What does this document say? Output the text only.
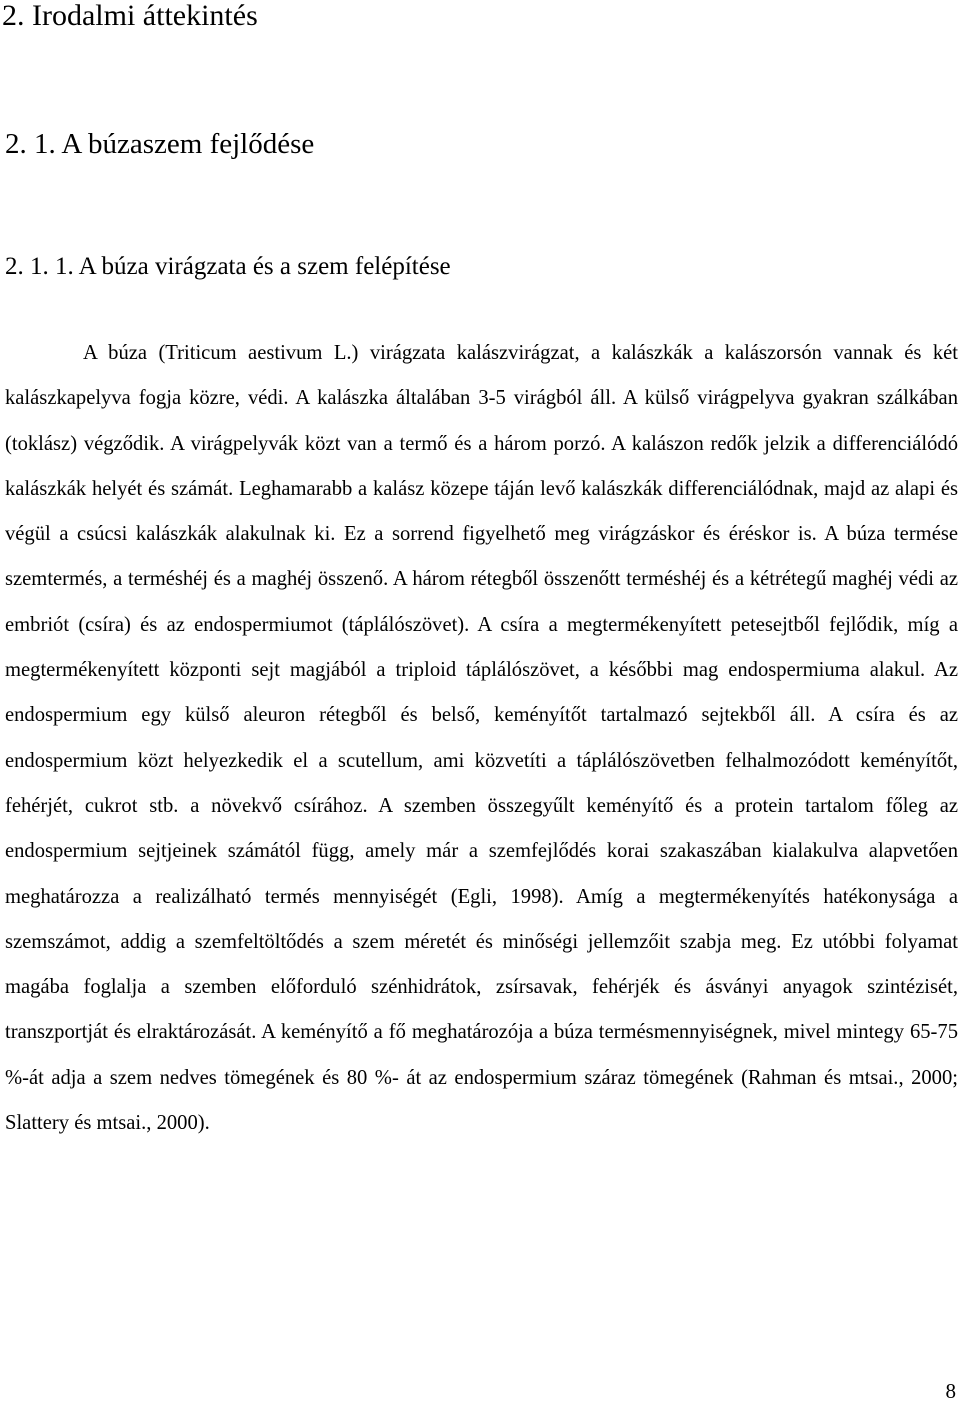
2. Irodalmi áttekintés
2. 1. A búzaszem fejlődése
2. 1. 1. A búza virágzata és a szem felépítése

A búza (Triticum aestivum L.) virágzata kalászvirágzat, a kalászkák a kalászorsón vannak és két kalászkapelyva fogja közre, védi. A kalászka általában 3-5 virágból áll. A külső virágpelyva gyakran szálkában (toklász) végződik. A virágpelyvák közt van a termő és a három porzó. A kalászon redők jelzik a differenciálódó kalászkák helyét és számát. Leghamarabb a kalász közepe táján levő kalászkák differenciálódnak, majd az alapi és végül a csúcsi kalászkák alakulnak ki. Ez a sorrend figyelhető meg virágzáskor és éréskor is. A búza termése szemtermés, a terméshéj és a maghéj összenő. A három rétegből összenőtt terméshéj és a kétrétegű maghéj védi az embriót (csíra) és az endospermiumot (táplálószövet). A csíra a megtermékenyített petesejtből fejlődik, míg a megtermékenyített központi sejt magjából a triploid táplálószövet, a későbbi mag endospermiuma alakul. Az endospermium egy külső aleuron rétegből és belső, keményítőt tartalmazó sejtekből áll. A csíra és az endospermium közt helyezkedik el a scutellum, ami közvetíti a táplálószövetben felhalmozódott keményítőt, fehérjét, cukrot stb. a növekvő csírához. A szemben összegyűlt keményítő és a protein tartalom főleg az endospermium sejtjeinek számától függ, amely már a szemfejlődés korai szakaszában kialakulva alapvetően meghatározza a realizálható termés mennyiségét (Egli, 1998). Amíg a megtermékenyítés hatékonysága a szemszámot, addig a szemfeltöltődés a szem méretét és minőségi jellemzőit szabja meg. Ez utóbbi folyamat magába foglalja a szemben előforduló szénhidrátok, zsírsavak, fehérjék és ásványi anyagok szintézisét, transzportját és elraktározását. A keményítő a fő meghatározója a búza termésmennyiségnek, mivel mintegy 65-75 %-át adja a szem nedves tömegének és 80 %- át az endospermium száraz tömegének (Rahman és mtsai., 2000; Slattery és mtsai., 2000).

8
